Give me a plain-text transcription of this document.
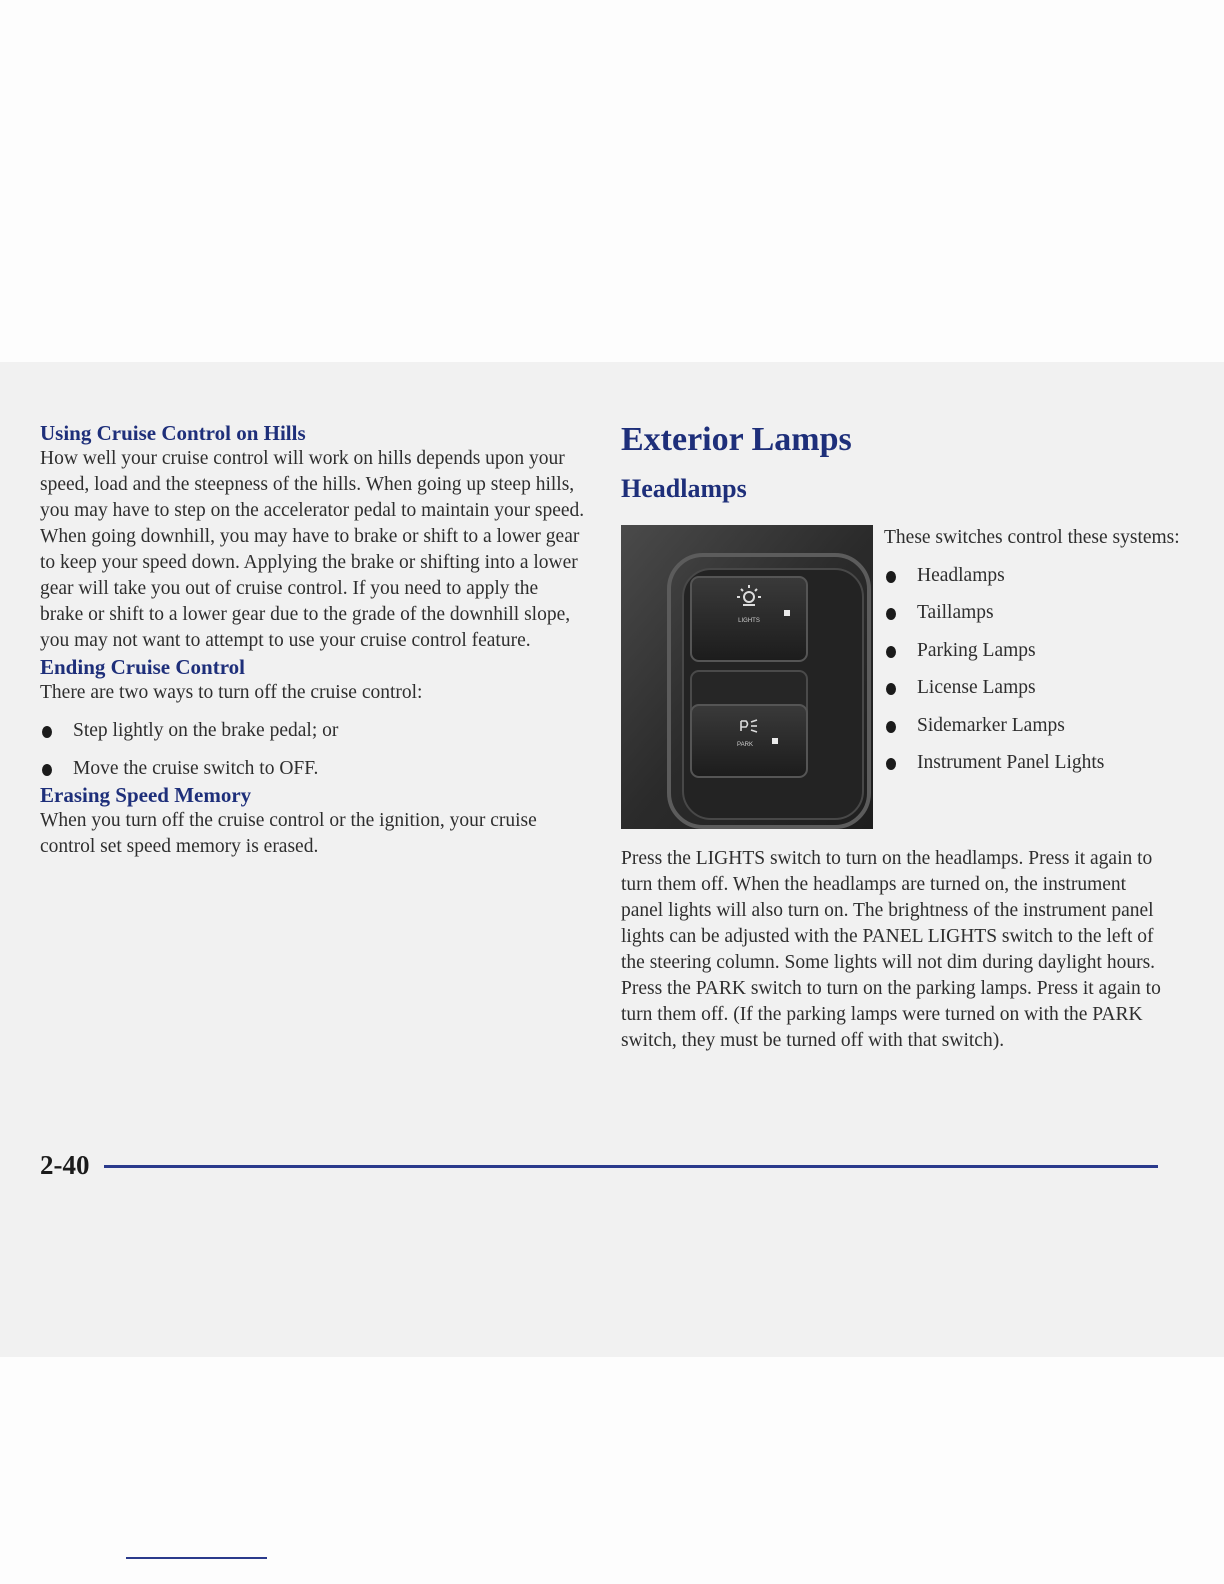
Using Cruise Control on Hills

How well your cruise control will work on hills depends upon your speed, load and the steepness of the hills. When going up steep hills, you may have to step on the accelerator pedal to maintain your speed. When going downhill, you may have to brake or shift to a lower gear to keep your speed down. Applying the brake or shifting into a lower gear will take you out of cruise control. If you need to apply the brake or shift to a lower gear due to the grade of the downhill slope, you may not want to attempt to use your cruise control feature.

Ending Cruise Control

There are two ways to turn off the cruise control:

Step lightly on the brake pedal; or
Move the cruise switch to OFF.
Erasing Speed Memory

When you turn off the cruise control or the ignition, your cruise control set speed memory is erased.

Exterior Lamps
Headlamps
LIGHTS
PARK

These switches control these systems:

Headlamps
Taillamps
Parking Lamps
License Lamps
Sidemarker Lamps
Instrument Panel Lights

Press the LIGHTS switch to turn on the headlamps. Press it again to turn them off. When the headlamps are turned on, the instrument panel lights will also turn on. The brightness of the instrument panel lights can be adjusted with the PANEL LIGHTS switch to the left of the steering column. Some lights will not dim during daylight hours.

Press the PARK switch to turn on the parking lamps. Press it again to turn them off. (If the parking lamps were turned on with the PARK switch, they must be turned off with that switch).

2-40
